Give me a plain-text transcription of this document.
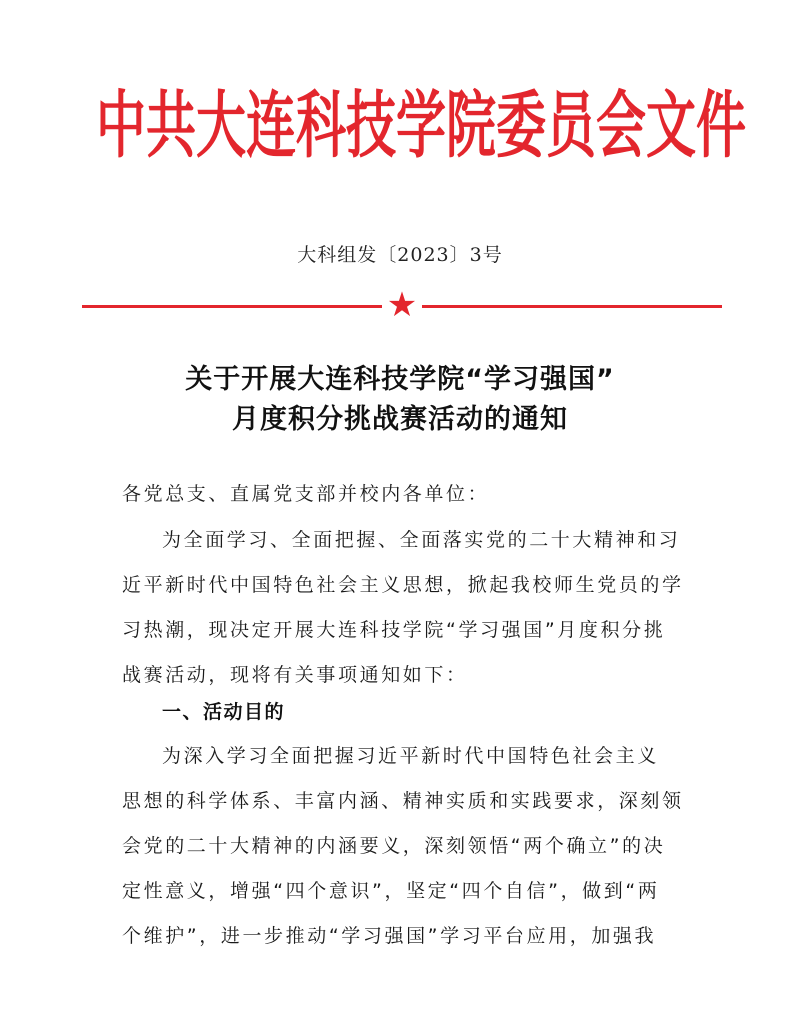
中共大连科技学院委员会文件
大科组发〔2023〕3号
★
关于开展大连科技学院“学习强国”
月度积分挑战赛活动的通知
各党总支、直属党支部并校内各单位：
为全面学习、全面把握、全面落实党的二十大精神和习
近平新时代中国特色社会主义思想，掀起我校师生党员的学
习热潮，现决定开展大连科技学院“学习强国”月度积分挑
战赛活动，现将有关事项通知如下：
一、活动目的
为深入学习全面把握习近平新时代中国特色社会主义
思想的科学体系、丰富内涵、精神实质和实践要求，深刻领
会党的二十大精神的内涵要义，深刻领悟“两个确立”的决
定性意义，增强“四个意识”，坚定“四个自信”，做到“两
个维护”，进一步推动“学习强国”学习平台应用，加强我
